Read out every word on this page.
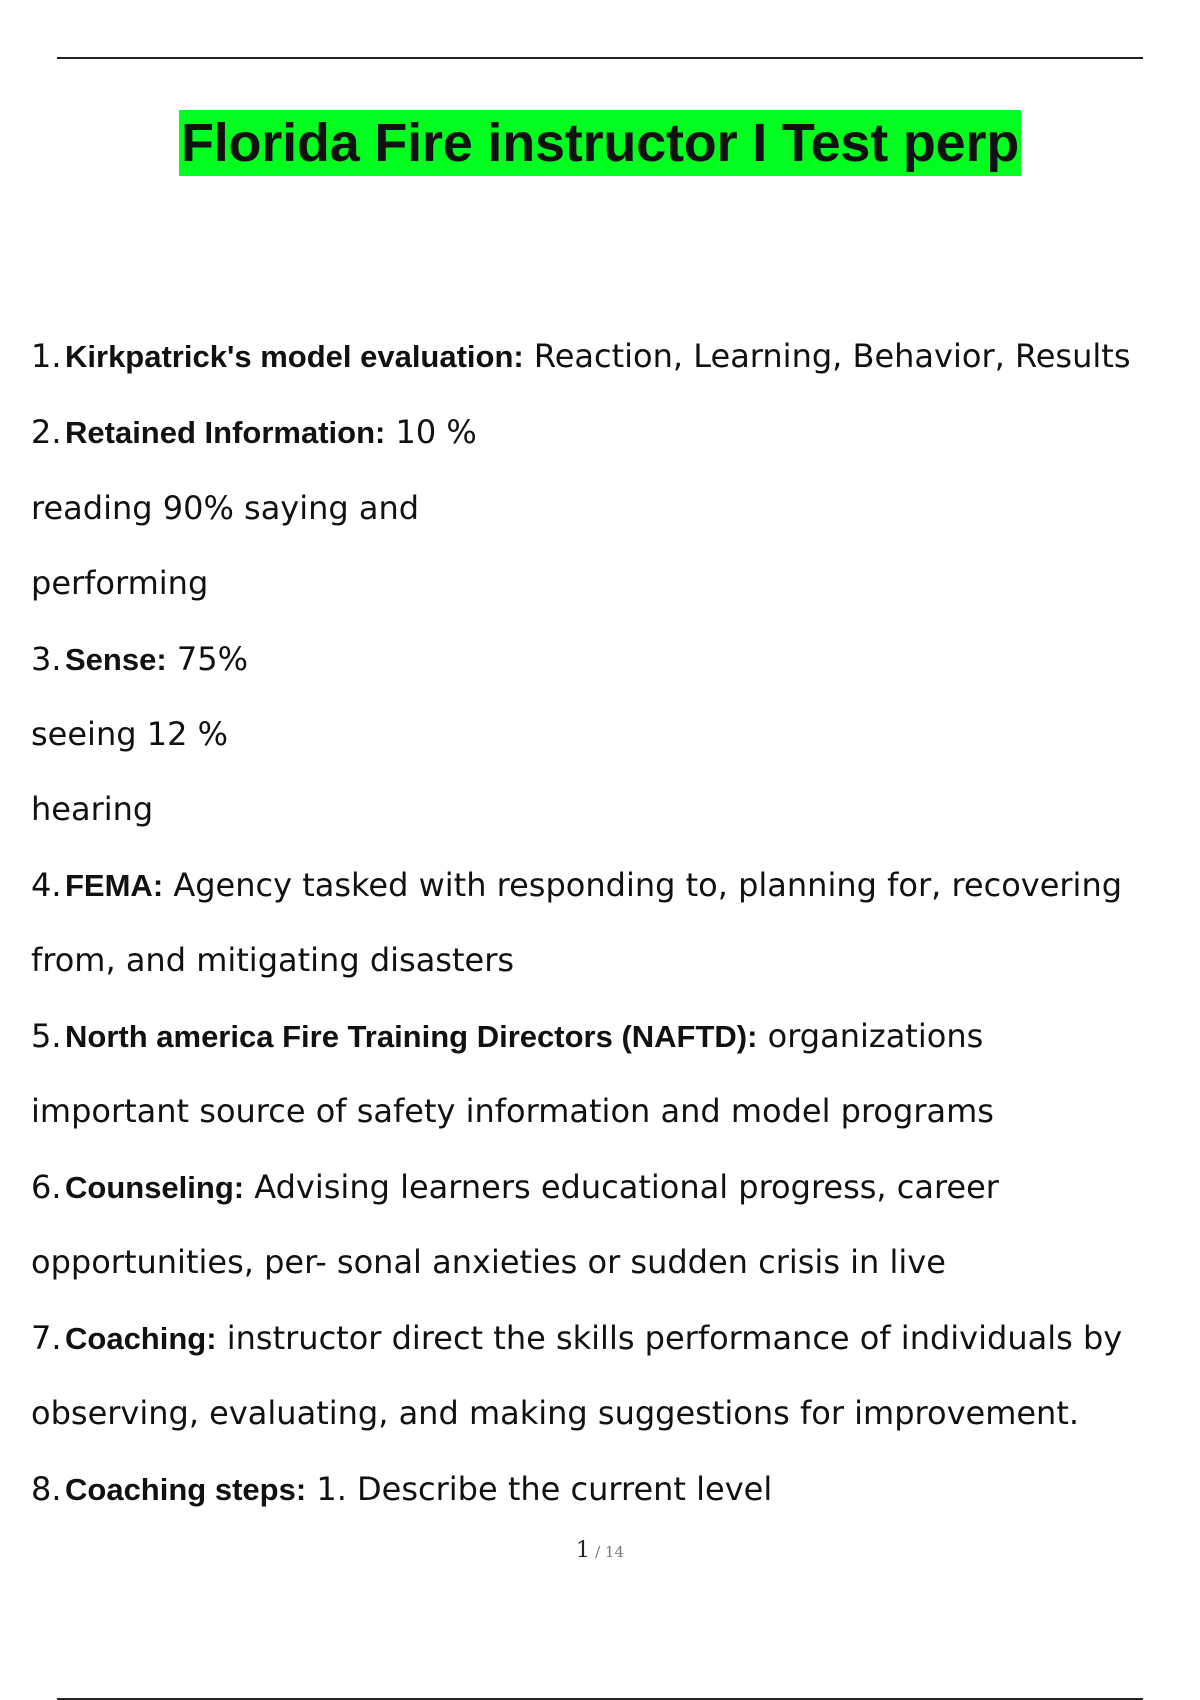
Florida Fire instructor I Test perp
1. Kirkpatrick's model evaluation: Reaction, Learning, Behavior, Results
2. Retained Information: 10 %
reading 90% saying and
performing
3. Sense: 75%
seeing 12 %
hearing
4. FEMA: Agency tasked with responding to, planning for, recovering
from, and mitigating disasters
5. North america Fire Training Directors (NAFTD): organizations
important source of safety information and model programs
6. Counseling: Advising learners educational progress, career
opportunities, per- sonal anxieties or sudden crisis in live
7. Coaching: instructor direct the skills performance of individuals by
observing, evaluating, and making suggestions for improvement.
8. Coaching steps: 1. Describe the current level
1 / 14
